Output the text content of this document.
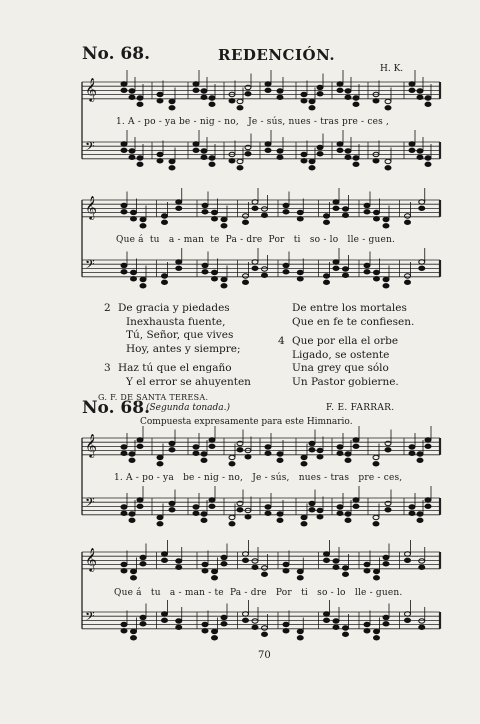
𝄞
𝄢
𝄞
𝄢
𝄞
𝄢
𝄞
𝄢
No. 68.	REDENCIÓN.
H. K.
1. A - po - ya be - nig - no,   Je - sús, nues - tras pre - ces ,
Que á  tu   a - man  te  Pa - dre  Por   ti   so - lo   lle - guen.
2 De gracia y piedades
Inexhausta fuente,
Tú, Señor, que vives
Hoy, antes y siempre;
3 Haz tú que el engaño
Y el error se ahuyenten
G. F. DE SANTA TERESA.
De entre los mortales
Que en fe te confiesen.
4 Que por ella el orbe
Ligado, se ostente
Una grey que sólo
Un Pastor gobierne.
No. 68.
(Segunda tonada.)	F. E. FARRAR.
Compuesta expresamente para este Himnario.
1. A - po - ya   be - nig - no,   Je - sús,   nues - tras   pre - ces,
Que á   tu   a - man - te  Pa - dre   Por   ti   so - lo   lle - guen.
70
